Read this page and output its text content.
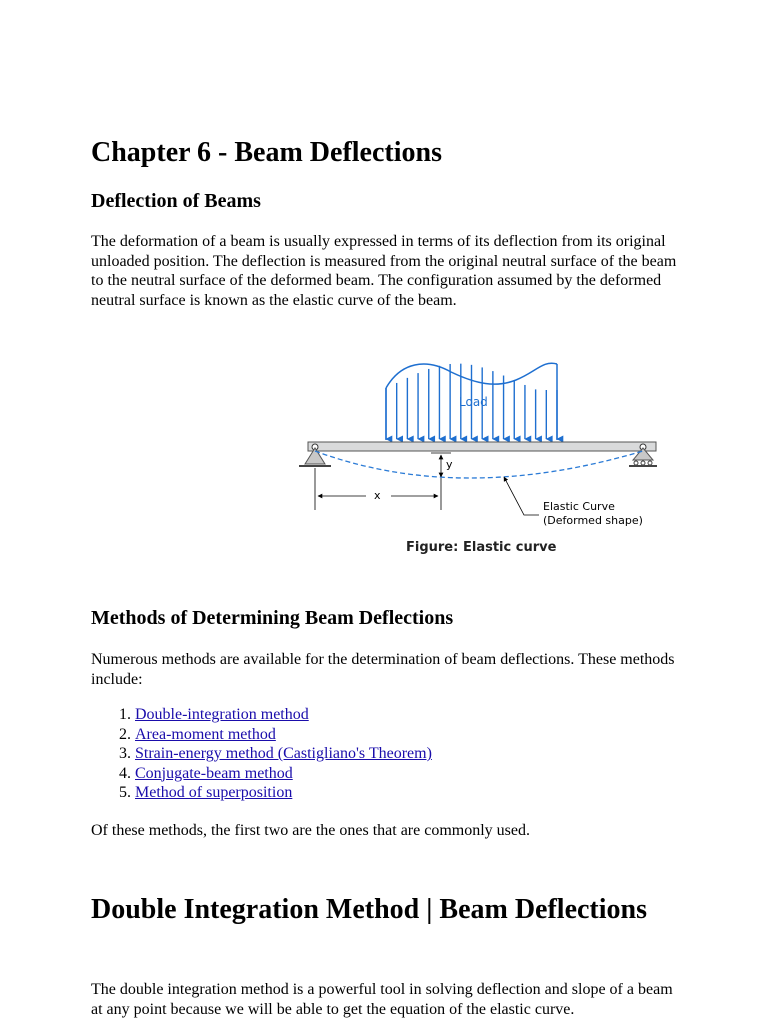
Chapter 6 - Beam Deflections
Deflection of Beams

The deformation of a beam is usually expressed in terms of its deflection from its original unloaded position. The deflection is measured from the original neutral surface of the beam to the neutral surface of the deformed beam. The configuration assumed by the deformed neutral surface is known as the elastic curve of the beam.

Load
y
x
Elastic Curve
(Deformed shape)
Figure: Elastic curve
Methods of Determining Beam Deflections

Numerous methods are available for the determination of beam deflections. These methods include:

1. Double-integration method
2. Area-moment method
3. Strain-energy method (Castigliano's Theorem)
4. Conjugate-beam method
5. Method of superposition

Of these methods, the first two are the ones that are commonly used.

Double Integration Method | Beam Deflections

The double integration method is a powerful tool in solving deflection and slope of a beam at any point because we will be able to get the equation of the elastic curve.
